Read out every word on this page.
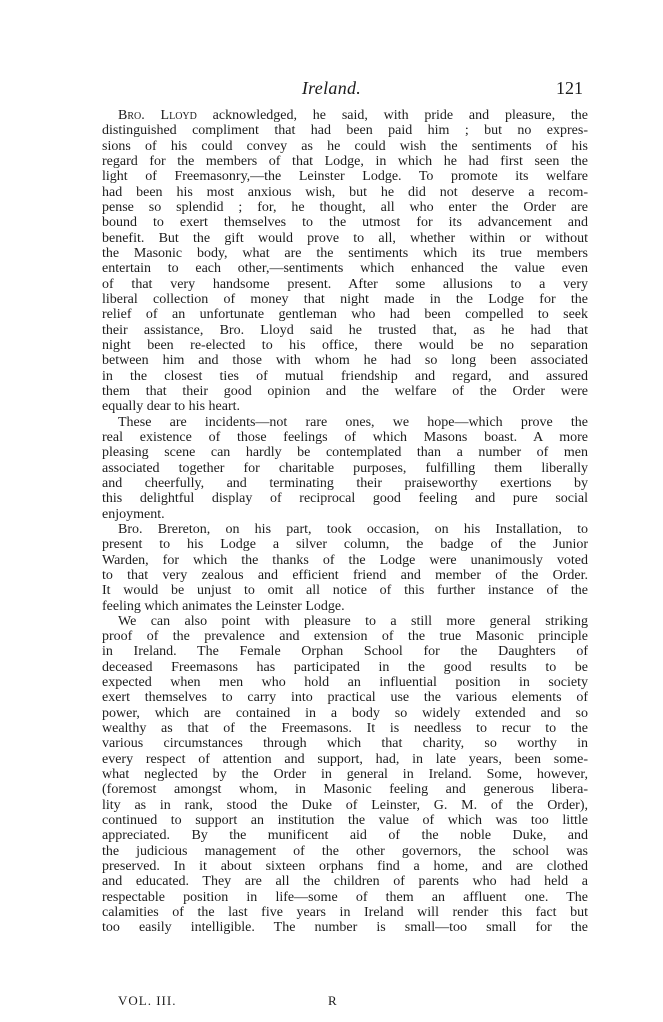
Ireland.	121
Bro. Lloyd acknowledged, he said, with pride and pleasure, the
distinguished compliment that had been paid him ; but no expres-
sions of his could convey as he could wish the sentiments of his
regard for the members of that Lodge, in which he had first seen the
light of Freemasonry,—the Leinster Lodge. To promote its welfare
had been his most anxious wish, but he did not deserve a recom-
pense so splendid ; for, he thought, all who enter the Order are
bound to exert themselves to the utmost for its advancement and
benefit. But the gift would prove to all, whether within or without
the Masonic body, what are the sentiments which its true members
entertain to each other,—sentiments which enhanced the value even
of that very handsome present. After some allusions to a very
liberal collection of money that night made in the Lodge for the
relief of an unfortunate gentleman who had been compelled to seek
their assistance, Bro. Lloyd said he trusted that, as he had that
night been re-elected to his office, there would be no separation
between him and those with whom he had so long been associated
in the closest ties of mutual friendship and regard, and assured
them that their good opinion and the welfare of the Order were
equally dear to his heart.
These are incidents—not rare ones, we hope—which prove the
real existence of those feelings of which Masons boast. A more
pleasing scene can hardly be contemplated than a number of men
associated together for charitable purposes, fulfilling them liberally
and cheerfully, and terminating their praiseworthy exertions by
this delightful display of reciprocal good feeling and pure social
enjoyment.
Bro. Brereton, on his part, took occasion, on his Installation, to
present to his Lodge a silver column, the badge of the Junior
Warden, for which the thanks of the Lodge were unanimously voted
to that very zealous and efficient friend and member of the Order.
It would be unjust to omit all notice of this further instance of the
feeling which animates the Leinster Lodge.
We can also point with pleasure to a still more general striking
proof of the prevalence and extension of the true Masonic principle
in Ireland. The Female Orphan School for the Daughters of
deceased Freemasons has participated in the good results to be
expected when men who hold an influential position in society
exert themselves to carry into practical use the various elements of
power, which are contained in a body so widely extended and so
wealthy as that of the Freemasons. It is needless to recur to the
various circumstances through which that charity, so worthy in
every respect of attention and support, had, in late years, been some-
what neglected by the Order in general in Ireland. Some, however,
(foremost amongst whom, in Masonic feeling and generous libera-
lity as in rank, stood the Duke of Leinster, G. M. of the Order),
continued to support an institution the value of which was too little
appreciated. By the munificent aid of the noble Duke, and
the judicious management of the other governors, the school was
preserved. In it about sixteen orphans find a home, and are clothed
and educated. They are all the children of parents who had held a
respectable position in life—some of them an affluent one. The
calamities of the last five years in Ireland will render this fact but
too easily intelligible. The number is small—too small for the
VOL. III.	R
